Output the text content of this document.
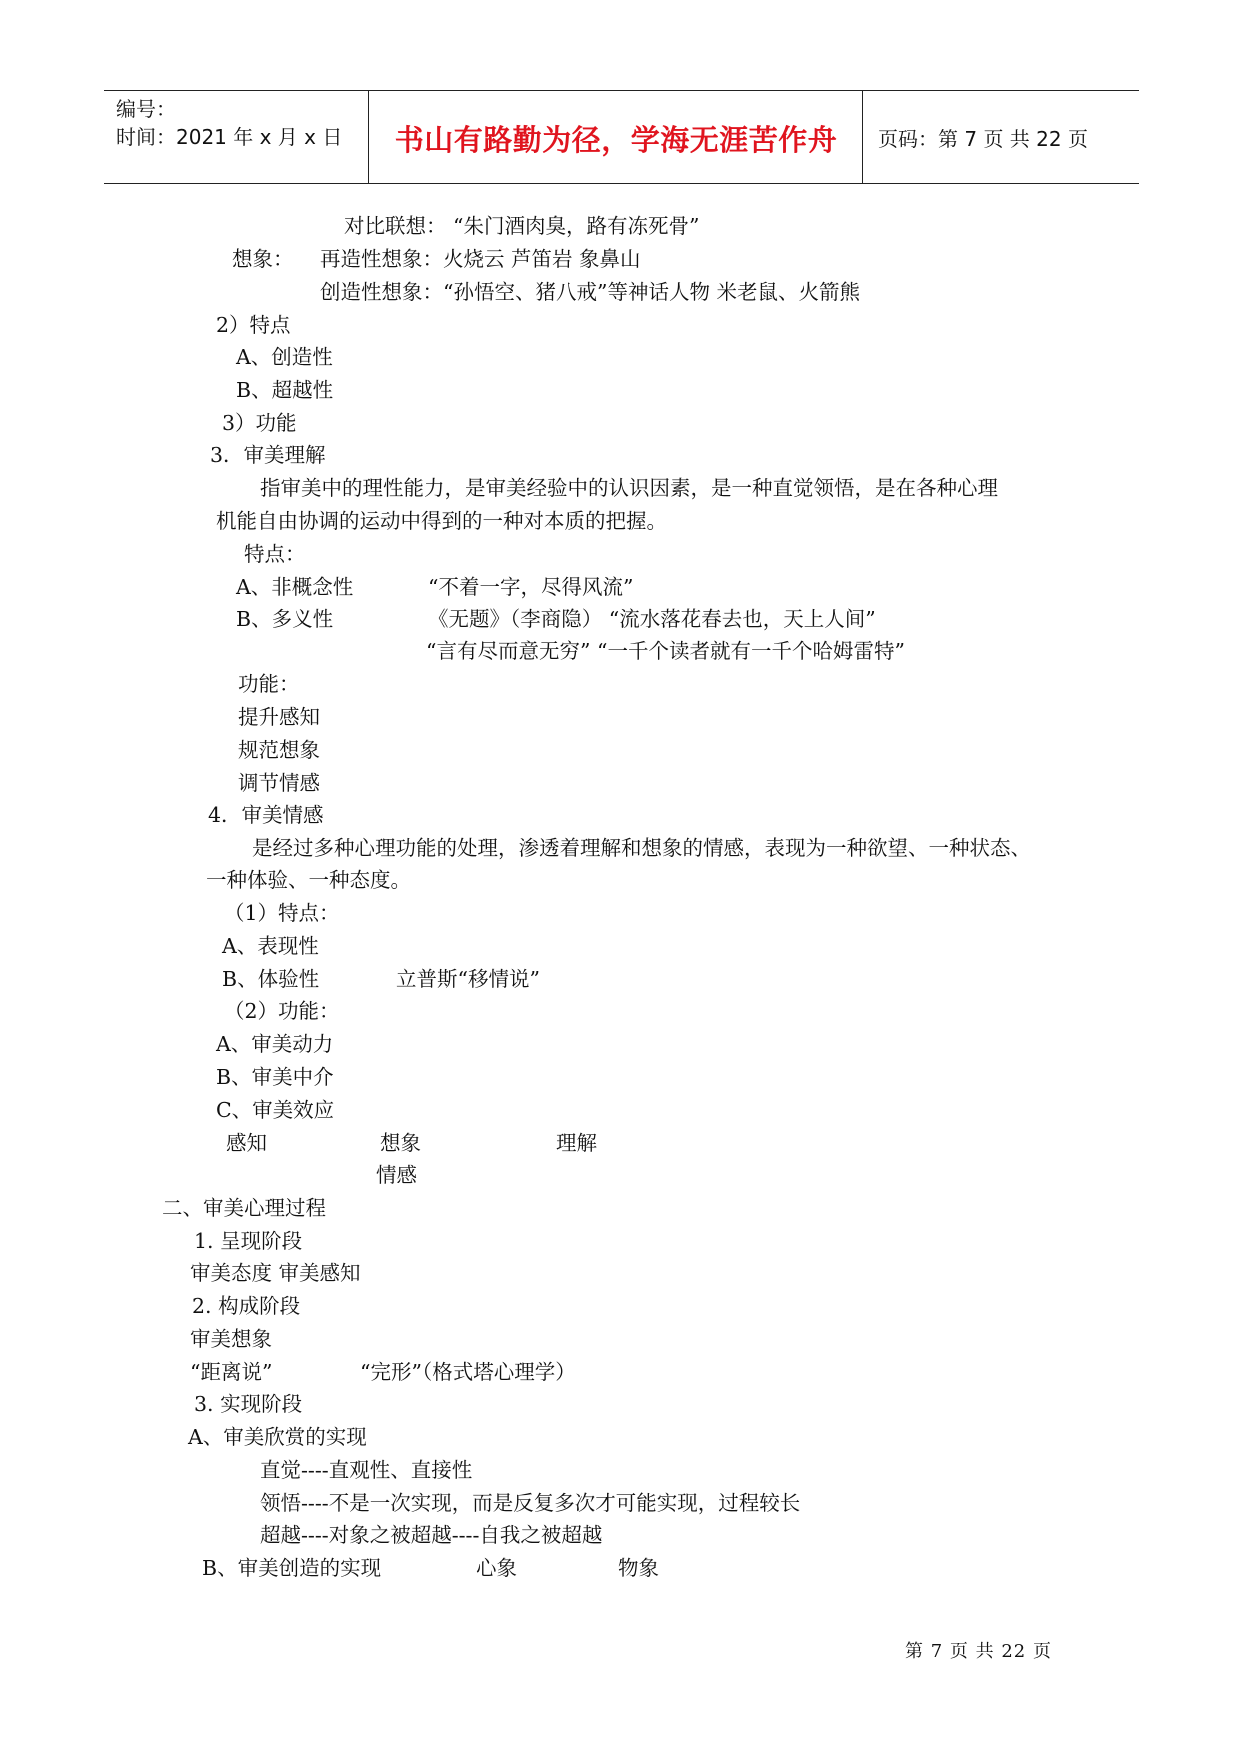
编号：
时间：2021 年 x 月 x 日	书山有路勤为径，学海无涯苦作舟	页码：第 7 页 共 22 页
对比联想： “朱门酒肉臭，路有冻死骨”
想象： 再造性想象：火烧云 芦笛岩 象鼻山
创造性想象：“孙悟空、猪八戒”等神话人物 米老鼠、火箭熊
2）特点
A、创造性
B、超越性
3）功能
3．审美理解
指审美中的理性能力，是审美经验中的认识因素，是一种直觉领悟，是在各种心理
机能自由协调的运动中得到的一种对本质的把握。
特点：
A、非概念性	“不着一字，尽得风流”
B、多义性	《无题》（李商隐） “流水落花春去也，天上人间”
“言有尽而意无穷” “一千个读者就有一千个哈姆雷特”
功能：
提升感知
规范想象
调节情感
4．审美情感
是经过多种心理功能的处理，渗透着理解和想象的情感，表现为一种欲望、一种状态、
一种体验、一种态度。
（1）特点：
A、表现性
B、体验性	立普斯“移情说”
（2）功能：
A、审美动力
B、审美中介
C、审美效应
感知	想象	理解
情感
二、审美心理过程
1. 呈现阶段
审美态度 审美感知
2. 构成阶段
审美想象
“距离说”	“完形”（格式塔心理学）
3. 实现阶段
A、审美欣赏的实现
直觉----直观性、直接性
领悟----不是一次实现，而是反复多次才可能实现，过程较长
超越----对象之被超越----自我之被超越
B、审美创造的实现	心象	物象
第 7 页 共 22 页
